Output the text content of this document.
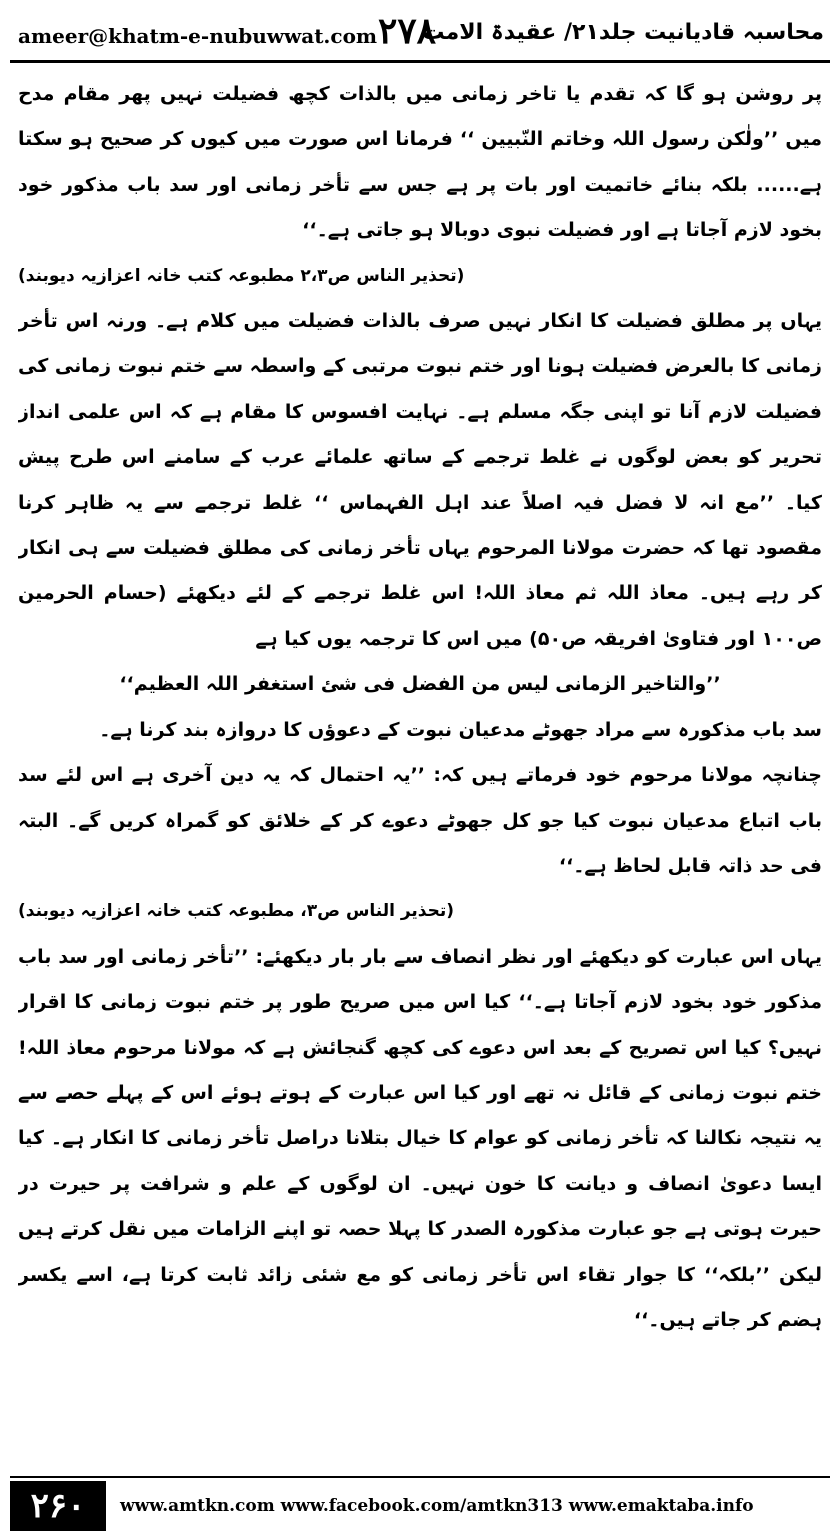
ameer@khatm-e-nubuwwat.com ۲۷۸
محاسبہ قادیانیت جلد۲۱/ عقیدۃ الامت

پر روشن ہو گا کہ تقدم یا تاخر زمانی میں بالذات کچھ فضیلت نہیں پھر مقام مدح میں ’’ولٰکن رسول اللہ وخاتم النّبیین ‘‘ فرمانا اس صورت میں کیوں کر صحیح ہو سکتا ہے...... بلکہ بنائے خاتمیت اور بات پر ہے جس سے تأخر زمانی اور سد باب مذکور خود بخود لازم آجاتا ہے اور فضیلت نبوی دوبالا ہو جاتی ہے۔‘‘

(تحذیر الناس ص۲،۳ مطبوعہ کتب خانہ اعزازیہ دیوبند)

یہاں پر مطلق فضیلت کا انکار نہیں صرف بالذات فضیلت میں کلام ہے۔ ورنہ اس تأخر زمانی کا بالعرض فضیلت ہونا اور ختم نبوت مرتبی کے واسطہ سے ختم نبوت زمانی کی فضیلت لازم آنا تو اپنی جگہ مسلم ہے۔ نہایت افسوس کا مقام ہے کہ اس علمی انداز تحریر کو بعض لوگوں نے غلط ترجمے کے ساتھ علمائے عرب کے سامنے اس طرح پیش کیا۔ ’’مع انہ لا فضل فیہ اصلاً عند اہل الفہماس ‘‘ غلط ترجمے سے یہ ظاہر کرنا مقصود تھا کہ حضرت مولانا المرحوم یہاں تأخر زمانی کی مطلق فضیلت سے ہی انکار کر رہے ہیں۔ معاذ اللہ ثم معاذ اللہ! اس غلط ترجمے کے لئے دیکھئے (حسام الحرمین ص۱۰۰ اور فتاویٰ افریقہ ص۵۰) میں اس کا ترجمہ یوں کیا ہے

’’والتاخیر الزمانی لیس من الفضل فی شئ استغفر اللہ العظیم‘‘

سد باب مذکورہ سے مراد جھوٹے مدعیان نبوت کے دعوؤں کا دروازہ بند کرنا ہے۔

چنانچہ مولانا مرحوم خود فرماتے ہیں کہ: ’’یہ احتمال کہ یہ دین آخری ہے اس لئے سد باب اتباع مدعیان نبوت کیا جو کل جھوٹے دعوے کر کے خلائق کو گمراہ کریں گے۔ البتہ فی حد ذاتہ قابل لحاظ ہے۔‘‘

(تحذیر الناس ص۳، مطبوعہ کتب خانہ اعزازیہ دیوبند)

یہاں اس عبارت کو دیکھئے اور نظر انصاف سے بار بار دیکھئے: ’’تأخر زمانی اور سد باب مذکور خود بخود لازم آجاتا ہے۔‘‘ کیا اس میں صریح طور پر ختم نبوت زمانی کا اقرار نہیں؟ کیا اس تصریح کے بعد اس دعوے کی کچھ گنجائش ہے کہ مولانا مرحوم معاذ اللہ! ختم نبوت زمانی کے قائل نہ تھے اور کیا اس عبارت کے ہوتے ہوئے اس کے پہلے حصے سے یہ نتیجہ نکالنا کہ تأخر زمانی کو عوام کا خیال بتلانا دراصل تأخر زمانی کا انکار ہے۔ کیا ایسا دعویٰ انصاف و دیانت کا خون نہیں۔ ان لوگوں کے علم و شرافت پر حیرت در حیرت ہوتی ہے جو عبارت مذکورہ الصدر کا پہلا حصہ تو اپنے الزامات میں نقل کرتے ہیں لیکن ’’بلکہ‘‘ کا جوار تقاء اس تأخر زمانی کو مع شئی زائد ثابت کرتا ہے، اسے یکسر ہضم کر جاتے ہیں۔‘‘

۲۶۰	www.amtkn.com www.facebook.com/amtkn313 www.emaktaba.info
